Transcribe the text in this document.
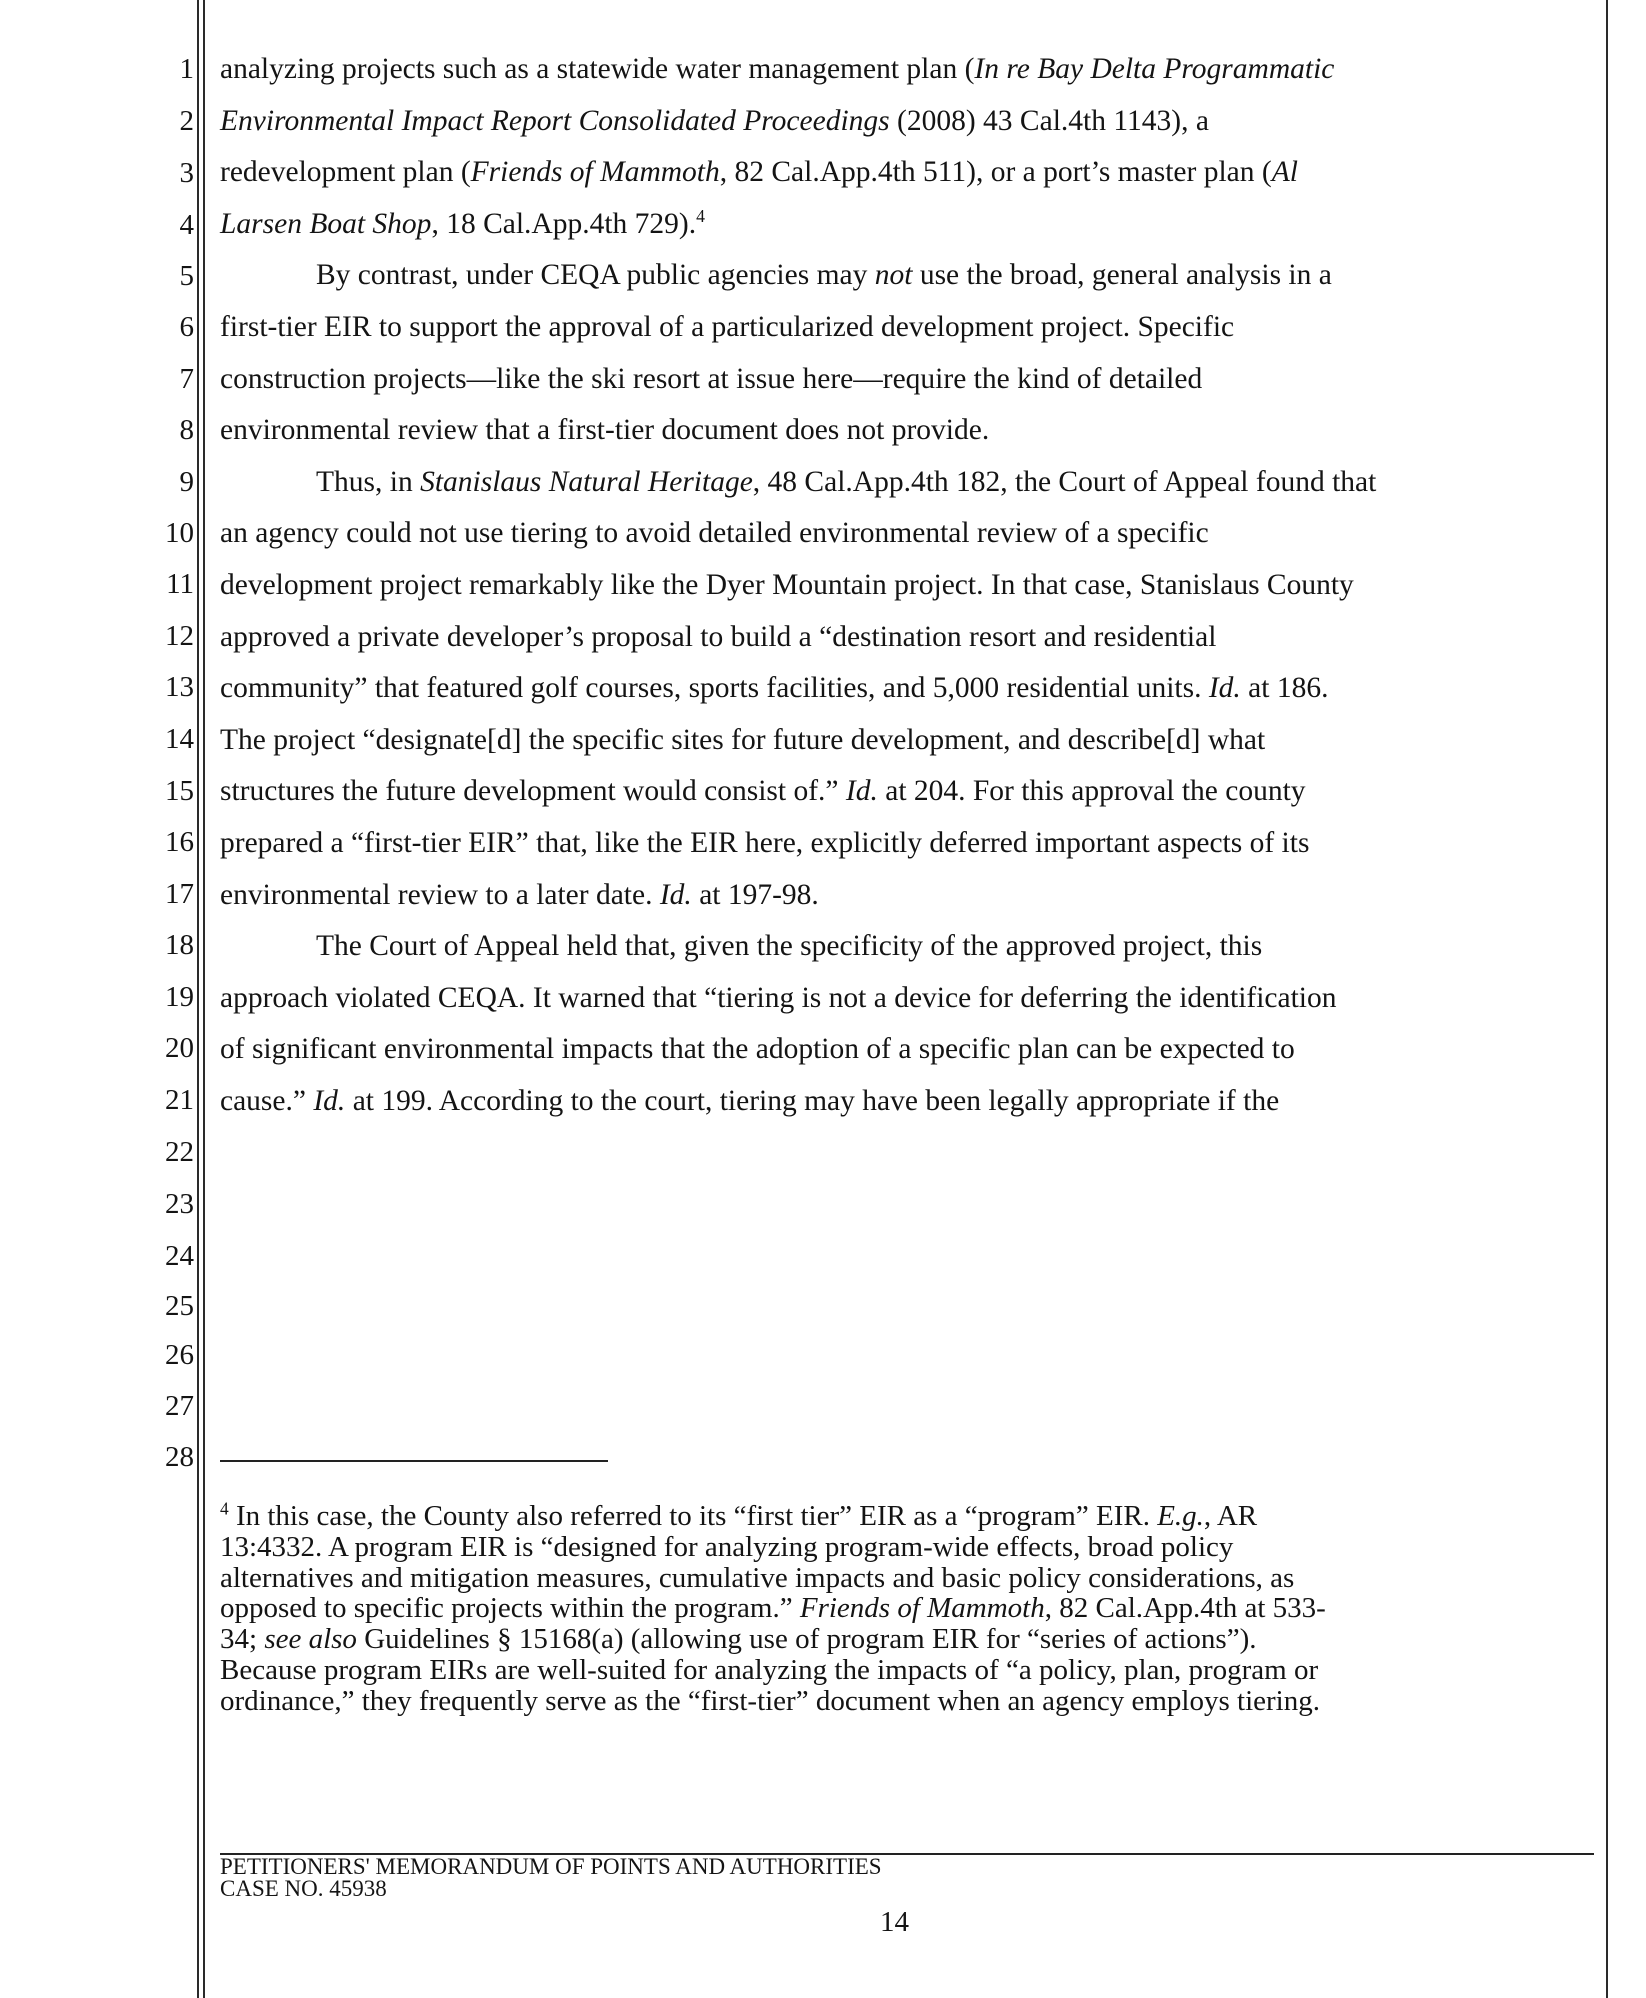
1
2
3
4
5
6
7
8
9
10
11
12
13
14
15
16
17
18
19
20
21
22
23
24
25
26
27
28
analyzing projects such as a statewide water management plan (In re Bay Delta Programmatic
Environmental Impact Report Consolidated Proceedings (2008) 43 Cal.4th 1143), a
redevelopment plan (Friends of Mammoth, 82 Cal.App.4th 511), or a port’s master plan (Al
Larsen Boat Shop, 18 Cal.App.4th 729).$^4$
By contrast, under CEQA public agencies may not use the broad, general analysis in a
first-tier EIR to support the approval of a particularized development project. Specific
construction projects—like the ski resort at issue here—require the kind of detailed
environmental review that a first-tier document does not provide.
Thus, in Stanislaus Natural Heritage, 48 Cal.App.4th 182, the Court of Appeal found that
an agency could not use tiering to avoid detailed environmental review of a specific
development project remarkably like the Dyer Mountain project. In that case, Stanislaus County
approved a private developer’s proposal to build a “destination resort and residential
community” that featured golf courses, sports facilities, and 5,000 residential units. Id. at 186.
The project “designate[d] the specific sites for future development, and describe[d] what
structures the future development would consist of.” Id. at 204. For this approval the county
prepared a “first-tier EIR” that, like the EIR here, explicitly deferred important aspects of its
environmental review to a later date. Id. at 197-98.
The Court of Appeal held that, given the specificity of the approved project, this
approach violated CEQA. It warned that “tiering is not a device for deferring the identification
of significant environmental impacts that the adoption of a specific plan can be expected to
cause.” Id. at 199. According to the court, tiering may have been legally appropriate if the
$^4$ In this case, the County also referred to its “first tier” EIR as a “program” EIR. E.g., AR
13:4332. A program EIR is “designed for analyzing program-wide effects, broad policy
alternatives and mitigation measures, cumulative impacts and basic policy considerations, as
opposed to specific projects within the program.” Friends of Mammoth, 82 Cal.App.4th at 533-
34; see also Guidelines § 15168(a) (allowing use of program EIR for “series of actions”).
Because program EIRs are well-suited for analyzing the impacts of “a policy, plan, program or
ordinance,” they frequently serve as the “first-tier” document when an agency employs tiering.
PETITIONERS' MEMORANDUM OF POINTS AND AUTHORITIES
CASE NO. 45938
14
